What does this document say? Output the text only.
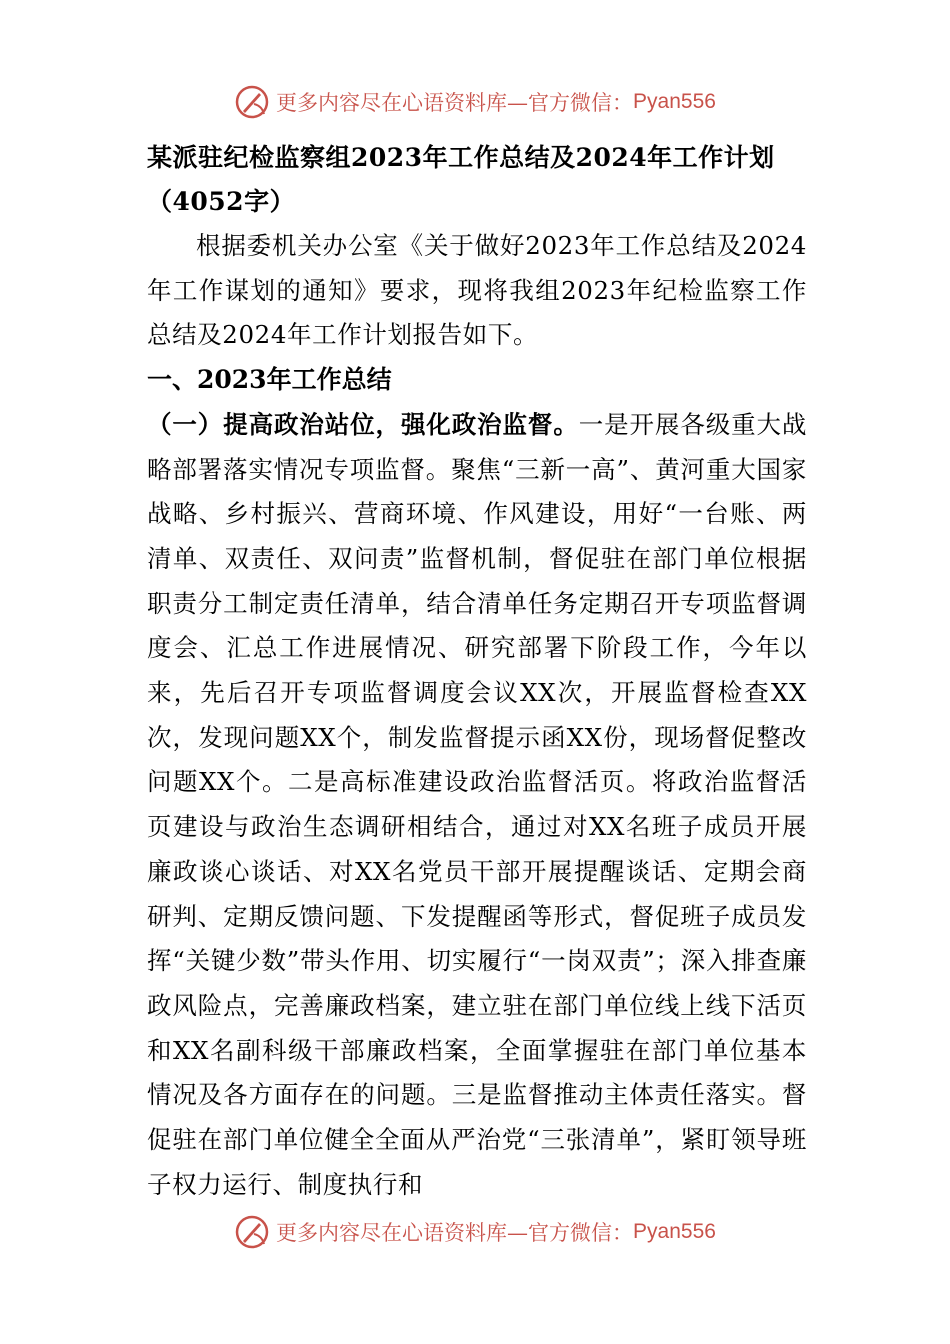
更多内容尽在心语资料库—官方微信： Pyan556
某派驻纪检监察组2023年工作总结及2024年工作计划（4052字）

根据委机关办公室《关于做好2023年工作总结及2024年工作谋划的通知》要求，现将我组2023年纪检监察工作总结及2024年工作计划报告如下。

一、2023年工作总结

（一）提高政治站位，强化政治监督。一是开展各级重大战略部署落实情况专项监督。聚焦“三新一高”、黄河重大国家战略、乡村振兴、营商环境、作风建设，用好“一台账、两清单、双责任、双问责”监督机制，督促驻在部门单位根据职责分工制定责任清单，结合清单任务定期召开专项监督调度会、汇总工作进展情况、研究部署下阶段工作，今年以来，先后召开专项监督调度会议XX次，开展监督检查XX次，发现问题XX个，制发监督提示函XX份，现场督促整改问题XX个。二是高标准建设政治监督活页。将政治监督活页建设与政治生态调研相结合，通过对XX名班子成员开展廉政谈心谈话、对XX名党员干部开展提醒谈话、定期会商研判、定期反馈问题、下发提醒函等形式，督促班子成员发挥“关键少数”带头作用、切实履行“一岗双责”；深入排查廉政风险点，完善廉政档案，建立驻在部门单位线上线下活页和XX名副科级干部廉政档案，全面掌握驻在部门单位基本情况及各方面存在的问题。三是监督推动主体责任落实。督促驻在部门单位健全全面从严治党“三张清单”，紧盯领导班子权力运行、制度执行和

更多内容尽在心语资料库—官方微信： Pyan556
